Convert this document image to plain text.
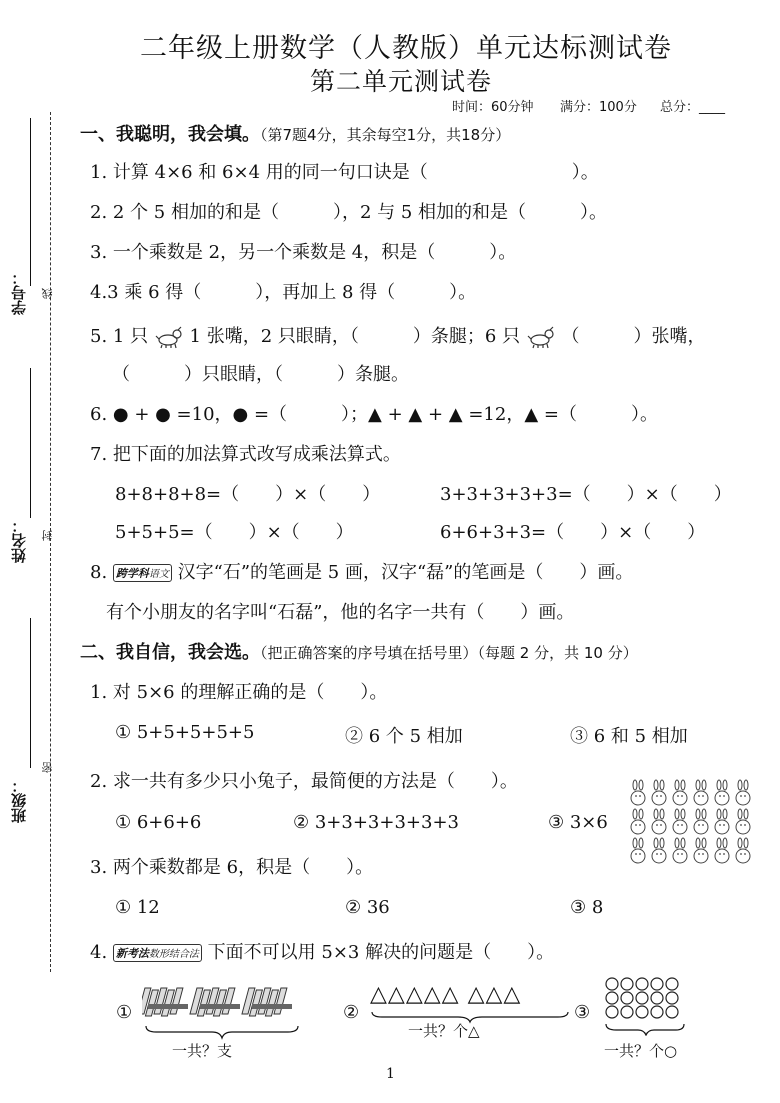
二年级上册数学（人教版）单元达标测试卷
第二单元测试卷
时间：60分钟 满分：100分 总分：____
学号： 线
姓名： 封
班级：
密
一、我聪明，我会填。（第7题4分，其余每空1分，共18分）
1. 计算 4×6 和 6×4 用的同一句口诀是（　　　　　　　　）。
2. 2 个 5 相加的和是（　　　），2 与 5 相加的和是（　　　）。
3. 一个乘数是 2，另一个乘数是 4，积是（　　　）。
4.3 乘 6 得（　　　），再加上 8 得（　　　）。
5. 1 只 1 张嘴，2 只眼睛，（　　　）条腿；6 只 （　　　）张嘴，
（　　　）只眼睛，（　　　）条腿。
6. ● + ● =10，● =（　　　）；▲ + ▲ + ▲ =12，▲ =（　　　）。
7. 把下面的加法算式改写成乘法算式。
8+8+8+8=（　　）×（　　）	3+3+3+3+3=（　　）×（　　）
5+5+5=（　　）×（　　）	6+6+3+3=（　　）×（　　）
8. 跨学科语文 汉字“石”的笔画是 5 画，汉字“磊”的笔画是（　　）画。
有个小朋友的名字叫“石磊”，他的名字一共有（　　）画。
二、我自信，我会选。（把正确答案的序号填在括号里）（每题 2 分，共 10 分）
1. 对 5×6 的理解正确的是（　　）。
① 5+5+5+5+5	② 6 个 5 相加	③ 6 和 5 相加
2. 求一共有多少只小兔子，最简便的方法是（　　）。
① 6+6+6	② 3+3+3+3+3+3	③ 3×6
3. 两个乘数都是 6，积是（　　）。
① 12	② 36	③ 8
4. 新考法数形结合法 下面不可以用 5×3 解决的问题是（　　）。
①
一共？支
②
△△△△△ △△△
一共？个△
③
一共？个○
1
